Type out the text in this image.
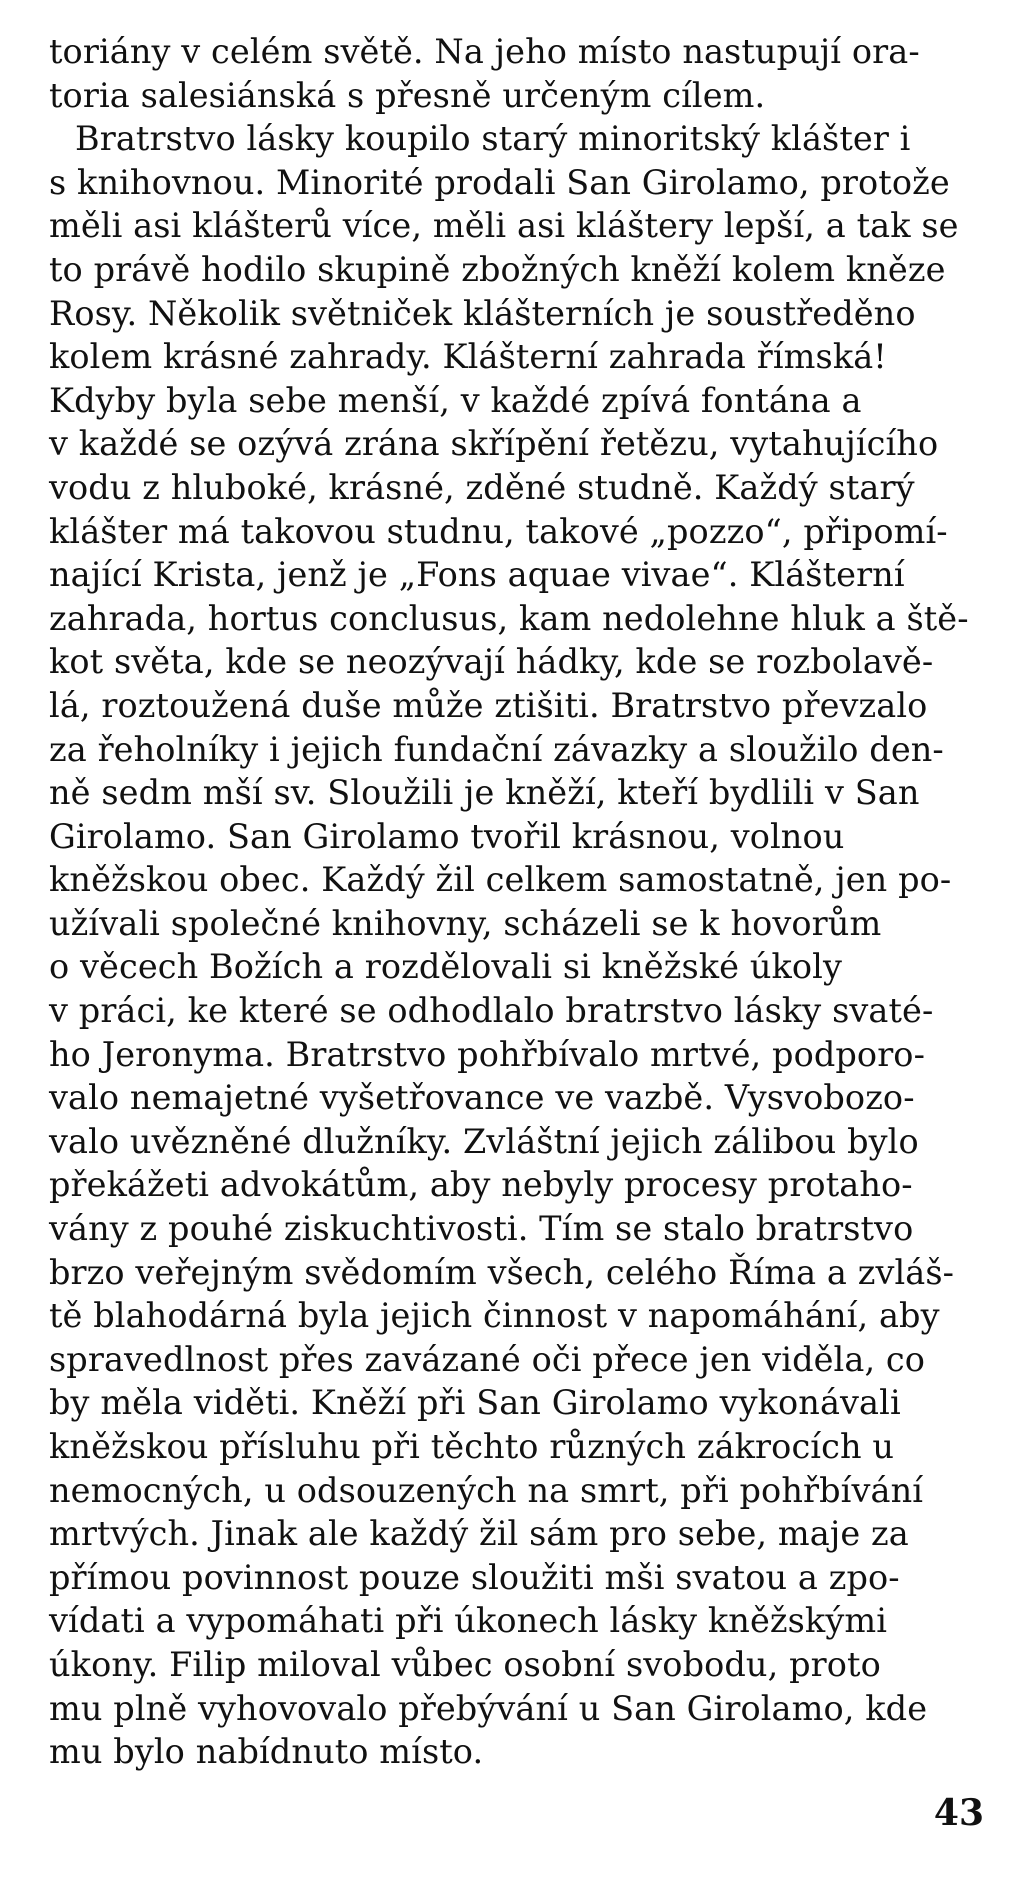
toriány v celém světě. Na jeho místo nastupují ora-
toria salesiánská s přesně určeným cílem.
Bratrstvo lásky koupilo starý minoritský klášter i
s knihovnou. Minorité prodali San Girolamo, protože
měli asi klášterů více, měli asi kláštery lepší, a tak se
to právě hodilo skupině zbožných kněží kolem kněze
Rosy. Několik světniček klášterních je soustředěno
kolem krásné zahrady. Klášterní zahrada římská!
Kdyby byla sebe menší, v každé zpívá fontána a
v každé se ozývá zrána skřípění řetězu, vytahujícího
vodu z hluboké, krásné, zděné studně. Každý starý
klášter má takovou studnu, takové „pozzo“, připomí-
nající Krista, jenž je „Fons aquae vivae“. Klášterní
zahrada, hortus conclusus, kam nedolehne hluk a ště-
kot světa, kde se neozývají hádky, kde se rozbolavě-
lá, roztoužená duše může ztišiti. Bratrstvo převzalo
za řeholníky i jejich fundační závazky a sloužilo den-
ně sedm mší sv. Sloužili je kněží, kteří bydlili v San
Girolamo. San Girolamo tvořil krásnou, volnou
kněžskou obec. Každý žil celkem samostatně, jen po-
užívali společné knihovny, scházeli se k hovorům
o věcech Božích a rozdělovali si kněžské úkoly
v práci, ke které se odhodlalo bratrstvo lásky svaté-
ho Jeronyma. Bratrstvo pohřbívalo mrtvé, podporo-
valo nemajetné vyšetřovance ve vazbě. Vysvobozo-
valo uvězněné dlužníky. Zvláštní jejich zálibou bylo
překážeti advokátům, aby nebyly procesy protaho-
vány z pouhé ziskuchtivosti. Tím se stalo bratrstvo
brzo veřejným svědomím všech, celého Říma a zvláš-
tě blahodárná byla jejich činnost v napomáhání, aby
spravedlnost přes zavázané oči přece jen viděla, co
by měla viděti. Kněží při San Girolamo vykonávali
kněžskou přísluhu při těchto různých zákrocích u
nemocných, u odsouzených na smrt, při pohřbívání
mrtvých. Jinak ale každý žil sám pro sebe, maje za
přímou povinnost pouze sloužiti mši svatou a zpo-
vídati a vypomáhati při úkonech lásky kněžskými
úkony. Filip miloval vůbec osobní svobodu, proto
mu plně vyhovovalo přebývání u San Girolamo, kde
mu bylo nabídnuto místo.
43
